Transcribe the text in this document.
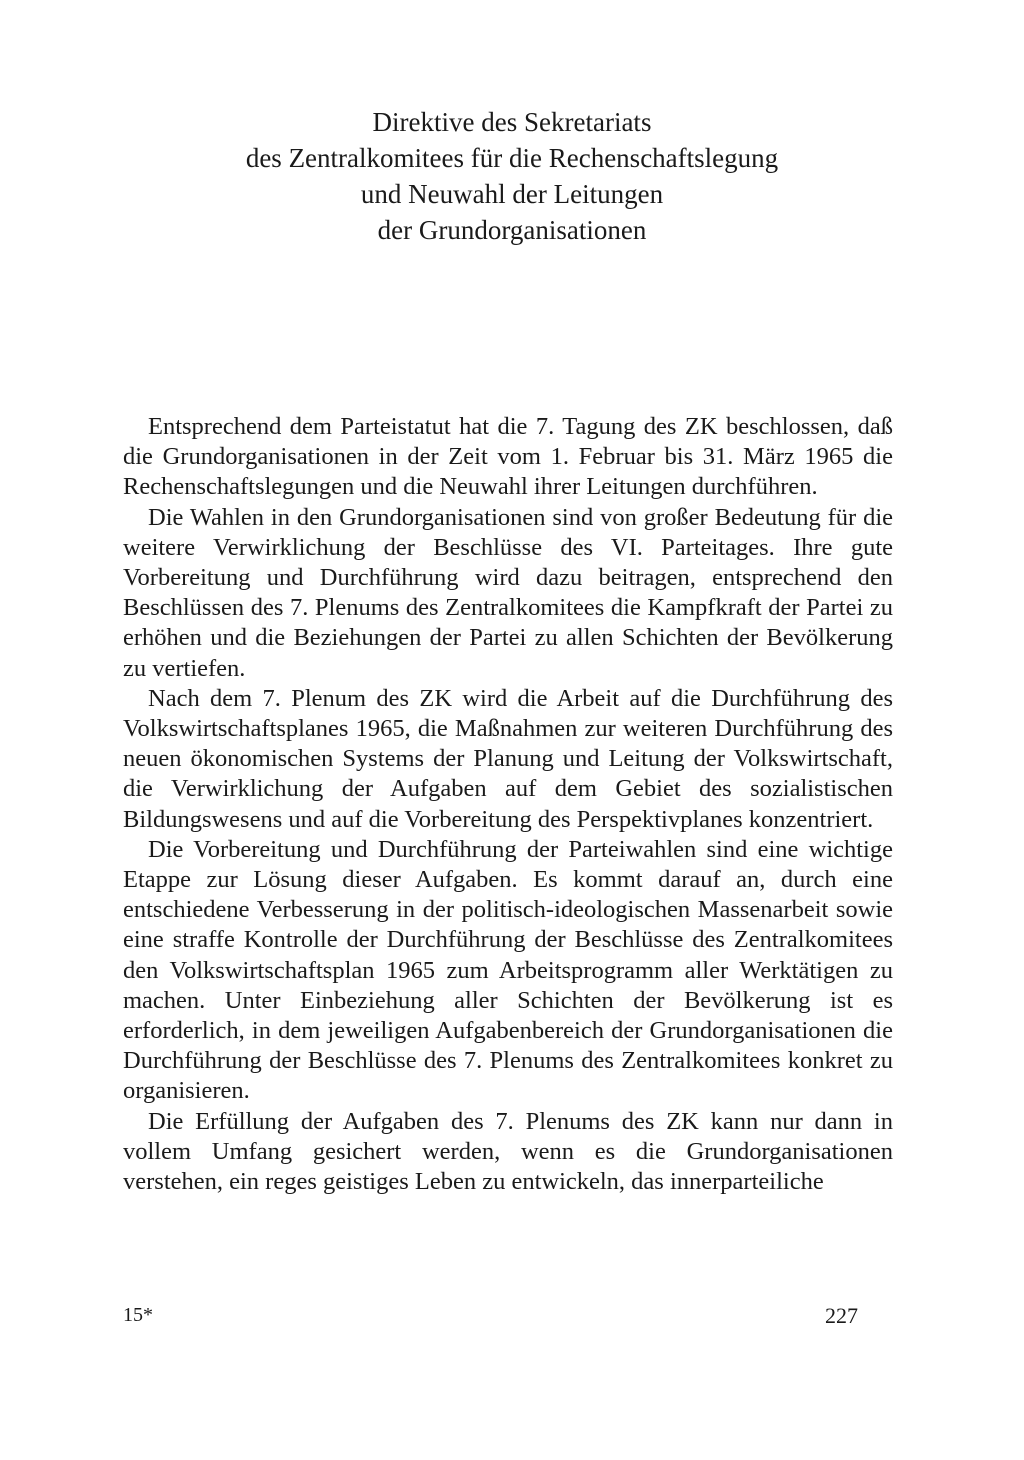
Direktive des Sekretariats
des Zentralkomitees für die Rechenschaftslegung
und Neuwahl der Leitungen
der Grundorganisationen

Entsprechend dem Parteistatut hat die 7. Tagung des ZK beschlossen, daß die Grundorganisationen in der Zeit vom 1. Februar bis 31. März 1965 die Rechenschaftslegungen und die Neuwahl ihrer Leitungen durchführen.

Die Wahlen in den Grundorganisationen sind von großer Bedeutung für die weitere Verwirklichung der Beschlüsse des VI. Parteitages. Ihre gute Vorbereitung und Durchführung wird dazu beitragen, entsprechend den Beschlüssen des 7. Plenums des Zentralkomitees die Kampfkraft der Partei zu erhöhen und die Beziehungen der Partei zu allen Schichten der Bevölkerung zu vertiefen.

Nach dem 7. Plenum des ZK wird die Arbeit auf die Durchführung des Volkswirtschaftsplanes 1965, die Maßnahmen zur weiteren Durchführung des neuen ökonomischen Systems der Planung und Leitung der Volkswirtschaft, die Verwirklichung der Aufgaben auf dem Gebiet des sozialistischen Bildungswesens und auf die Vorbereitung des Perspektivplanes konzentriert.

Die Vorbereitung und Durchführung der Parteiwahlen sind eine wichtige Etappe zur Lösung dieser Aufgaben. Es kommt darauf an, durch eine entschiedene Verbesserung in der politisch-ideologischen Massenarbeit sowie eine straffe Kontrolle der Durchführung der Beschlüsse des Zentralkomitees den Volkswirtschaftsplan 1965 zum Arbeitsprogramm aller Werktätigen zu machen. Unter Einbeziehung aller Schichten der Bevölkerung ist es erforderlich, in dem jeweiligen Aufgabenbereich der Grundorganisationen die Durchführung der Beschlüsse des 7. Plenums des Zentralkomitees konkret zu organisieren.

Die Erfüllung der Aufgaben des 7. Plenums des ZK kann nur dann in vollem Umfang gesichert werden, wenn es die Grundorganisationen verstehen, ein reges geistiges Leben zu entwickeln, das innerparteiliche

15*	227
